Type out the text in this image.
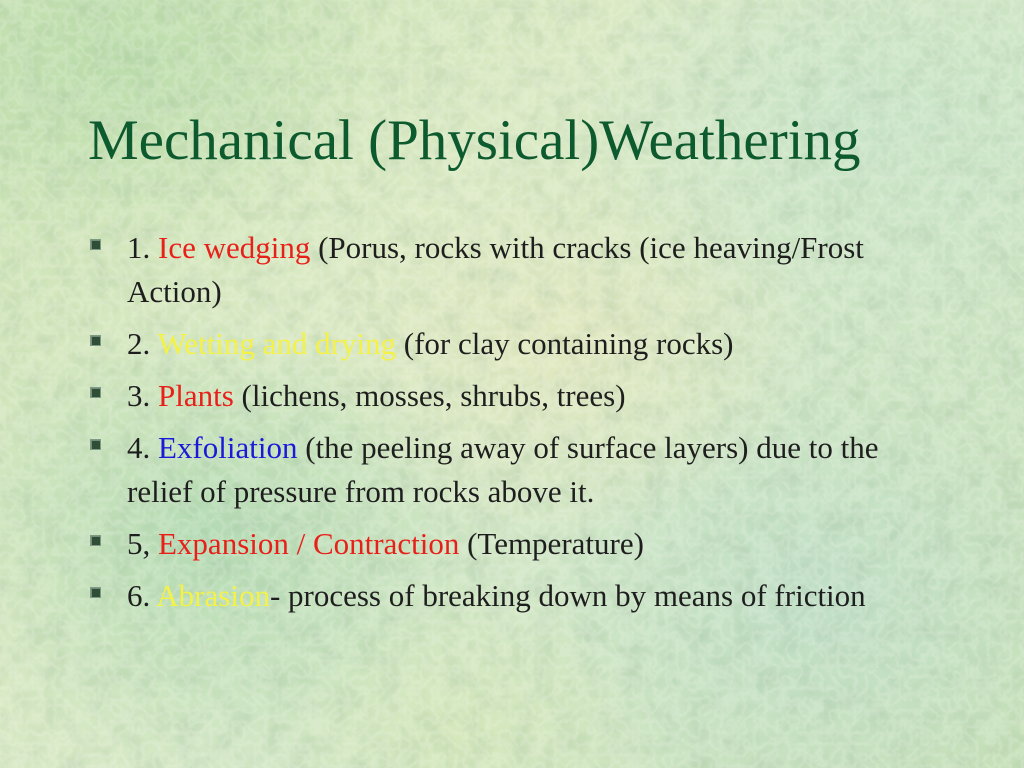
Mechanical (Physical)Weathering
1. Ice wedging (Porus, rocks with cracks (ice heaving/Frost Action)
2. Wetting and drying (for clay containing rocks)
3. Plants (lichens, mosses, shrubs, trees)
4. Exfoliation (the peeling away of surface layers) due to the relief of pressure from rocks above it.
5, Expansion / Contraction (Temperature)
6. Abrasion- process of breaking down by means of friction
